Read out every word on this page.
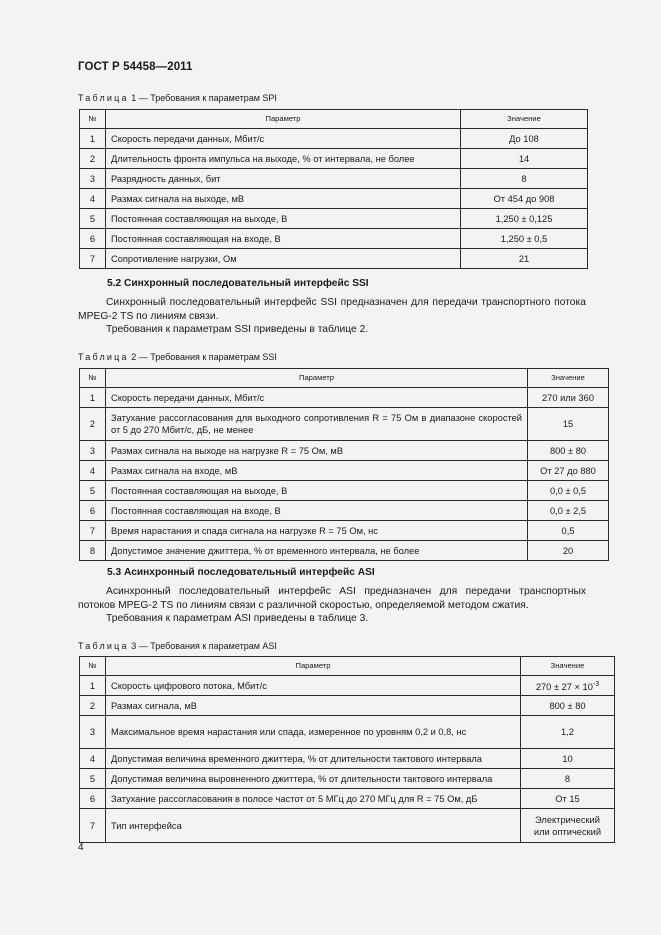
ГОСТ Р 54458—2011
Таблица 1 — Требования к параметрам SPI
№	Параметр	Значение
1	Скорость передачи данных, Мбит/с	До 108
2	Длительность фронта импульса на выходе, % от интервала, не более	14
3	Разрядность данных, бит	8
4	Размах сигнала на выходе, мВ	От 454 до 908
5	Постоянная составляющая на выходе, В	1,250 ± 0,125
6	Постоянная составляющая на входе, В	1,250 ± 0,5
7	Сопротивление нагрузки, Ом	21
5.2 Синхронный последовательный интерфейс SSI

Синхронный последовательный интерфейс SSI предназначен для передачи транспортного потока MPEG-2 TS по линиям связи.

Требования к параметрам SSI приведены в таблице 2.

Таблица 2 — Требования к параметрам SSI
№	Параметр	Значение
1	Скорость передачи данных, Мбит/с	270 или 360
2	Затухание рассогласования для выходного сопротивления R = 75 Ом в диапазоне скоростей от 5 до 270 Мбит/с, дБ, не менее	15
3	Размах сигнала на выходе на нагрузке R = 75 Ом, мВ	800 ± 80
4	Размах сигнала на входе, мВ	От 27 до 880
5	Постоянная составляющая на выходе, В	0,0 ± 0,5
6	Постоянная составляющая на входе, В	0,0 ± 2,5
7	Время нарастания и спада сигнала на нагрузке R = 75 Ом, нс	0,5
8	Допустимое значение джиттера, % от временного интервала, не более	20
5.3 Асинхронный последовательный интерфейс ASI

Асинхронный последовательный интерфейс ASI предназначен для передачи транспортных потоков MPEG-2 TS по линиям связи с различной скоростью, определяемой методом сжатия.

Требования к параметрам ASI приведены в таблице 3.

Таблица 3 — Требования к параметрам ASI
№	Параметр	Значение
1	Скорость цифрового потока, Мбит/с	$270 \pm 27 \times 10^{-3}$
2	Размах сигнала, мВ	800 ± 80
3	Максимальное время нарастания или спада, измеренное по уровням 0,2 и 0,8, нс	1,2
4	Допустимая величина временного джиттера, % от длительности тактового интервала	10
5	Допустимая величина выровненного джиттера, % от длительности тактового интервала	8
6	Затухание рассогласования в полосе частот от 5 МГц до 270 МГц для R = 75 Ом, дБ	От 15
7	Тип интерфейса	Электрический или оптический
4
